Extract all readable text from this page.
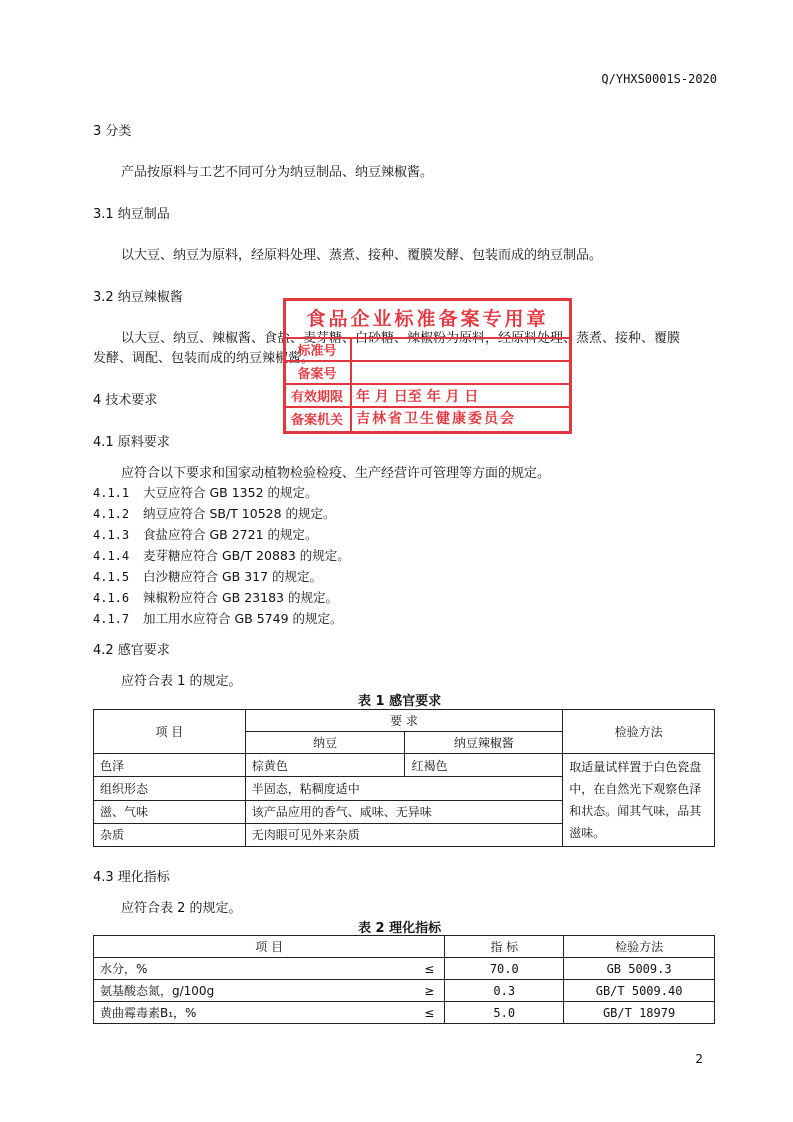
Q/YHXS0001S-2020
3 分类
产品按原料与工艺不同可分为纳豆制品、纳豆辣椒酱。
3.1 纳豆制品
以大豆、纳豆为原料，经原料处理、蒸煮、接种、覆膜发酵、包装而成的纳豆制品。
3.2 纳豆辣椒酱
以大豆、纳豆、辣椒酱、食盐、麦芽糖、白砂糖、辣椒粉为原料，经原料处理、蒸煮、接种、覆膜
发酵、调配、包装而成的纳豆辣椒酱。
4 技术要求
4.1 原料要求
应符合以下要求和国家动植物检验检疫、生产经营许可管理等方面的规定。
4.1.1 大豆应符合 GB 1352 的规定。
4.1.2 纳豆应符合 SB/T 10528 的规定。
4.1.3 食盐应符合 GB 2721 的规定。
4.1.4 麦芽糖应符合 GB/T 20883 的规定。
4.1.5 白沙糖应符合 GB 317 的规定。
4.1.6 辣椒粉应符合 GB 23183 的规定。
4.1.7 加工用水应符合 GB 5749 的规定。
4.2 感官要求
应符合表 1 的规定。
表 1 感官要求
项 目	要 求		检验方法
	纳豆	纳豆辣椒酱	
色泽	棕黄色	红褐色	取适量试样置于白色瓷盘
中，在自然光下观察色泽
和状态。闻其气味，品其
滋味。

组织形态	半固态，粘稠度适中		
滋、气味	该产品应用的香气、咸味、无异味		
杂质	无肉眼可见外来杂质		
4.3 理化指标
应符合表 2 的规定。
表 2 理化指标
项 目		指 标	检验方法
水分，%	≤	70.0	GB 5009.3
氨基酸态氮，g/100g	≥	0.3	GB/T 5009.40
黄曲霉毒素B₁，%	≤	5.0	GB/T 18979
食品企业标准备案专用章
标准号
备案号
有效期限 年 月 日至 年 月 日
备案机关 吉林省卫生健康委员会
2
